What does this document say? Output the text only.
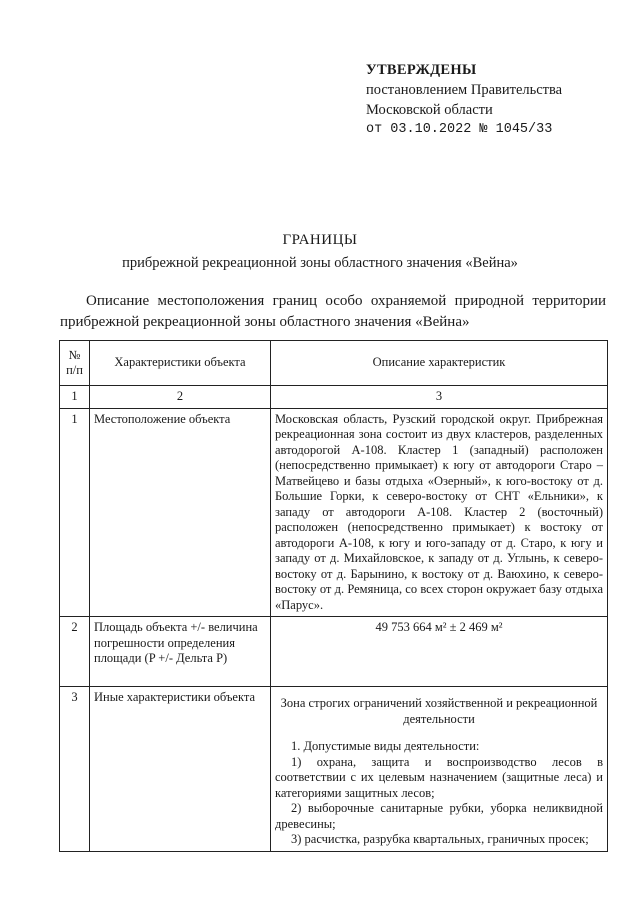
УТВЕРЖДЕНЫ
постановлением Правительства
Московской области
от 03.10.2022 № 1045/33
ГРАНИЦЫ
прибрежной рекреационной зоны областного значения «Вейна»
Описание местоположения границ особо охраняемой природной территории прибрежной рекреационной зоны областного значения «Вейна»
№ п/п	Характеристики объекта	Описание характеристик
1	2	3
1	Местоположение объекта	Московская область, Рузский городской округ. Прибрежная рекреационная зона состоит из двух кластеров, разделенных автодорогой А-108. Кластер 1 (западный) расположен (непосредственно примыкает) к югу от автодороги Старо – Матвейцево и базы отдыха «Озерный», к юго-востоку от д. Большие Горки, к северо-востоку от СНТ «Ельники», к западу от автодороги А-108. Кластер 2 (восточный) расположен (непосредственно примыкает) к востоку от автодороги А-108, к югу и юго-западу от д. Старо, к югу и западу от д. Михайловское, к западу от д. Углынь, к северо-востоку от д. Барынино, к востоку от д. Ваюхино, к северо-востоку от д. Ремяница, со всех сторон окружает базу отдыха «Парус».
2	Площадь объекта +/- величина погрешности определения площади (P +/- Дельта P)	49 753 664 м² ± 2 469 м²
3	Иные характеристики объекта	Зона строгих ограничений хозяйственной и рекреационной деятельности

1. Допустимые виды деятельности:

1) охрана, защита и воспроизводство лесов в соответствии с их целевым назначением (защитные леса) и категориями защитных лесов;

2) выборочные санитарные рубки, уборка неликвидной древесины;

3) расчистка, разрубка квартальных, граничных просек;
